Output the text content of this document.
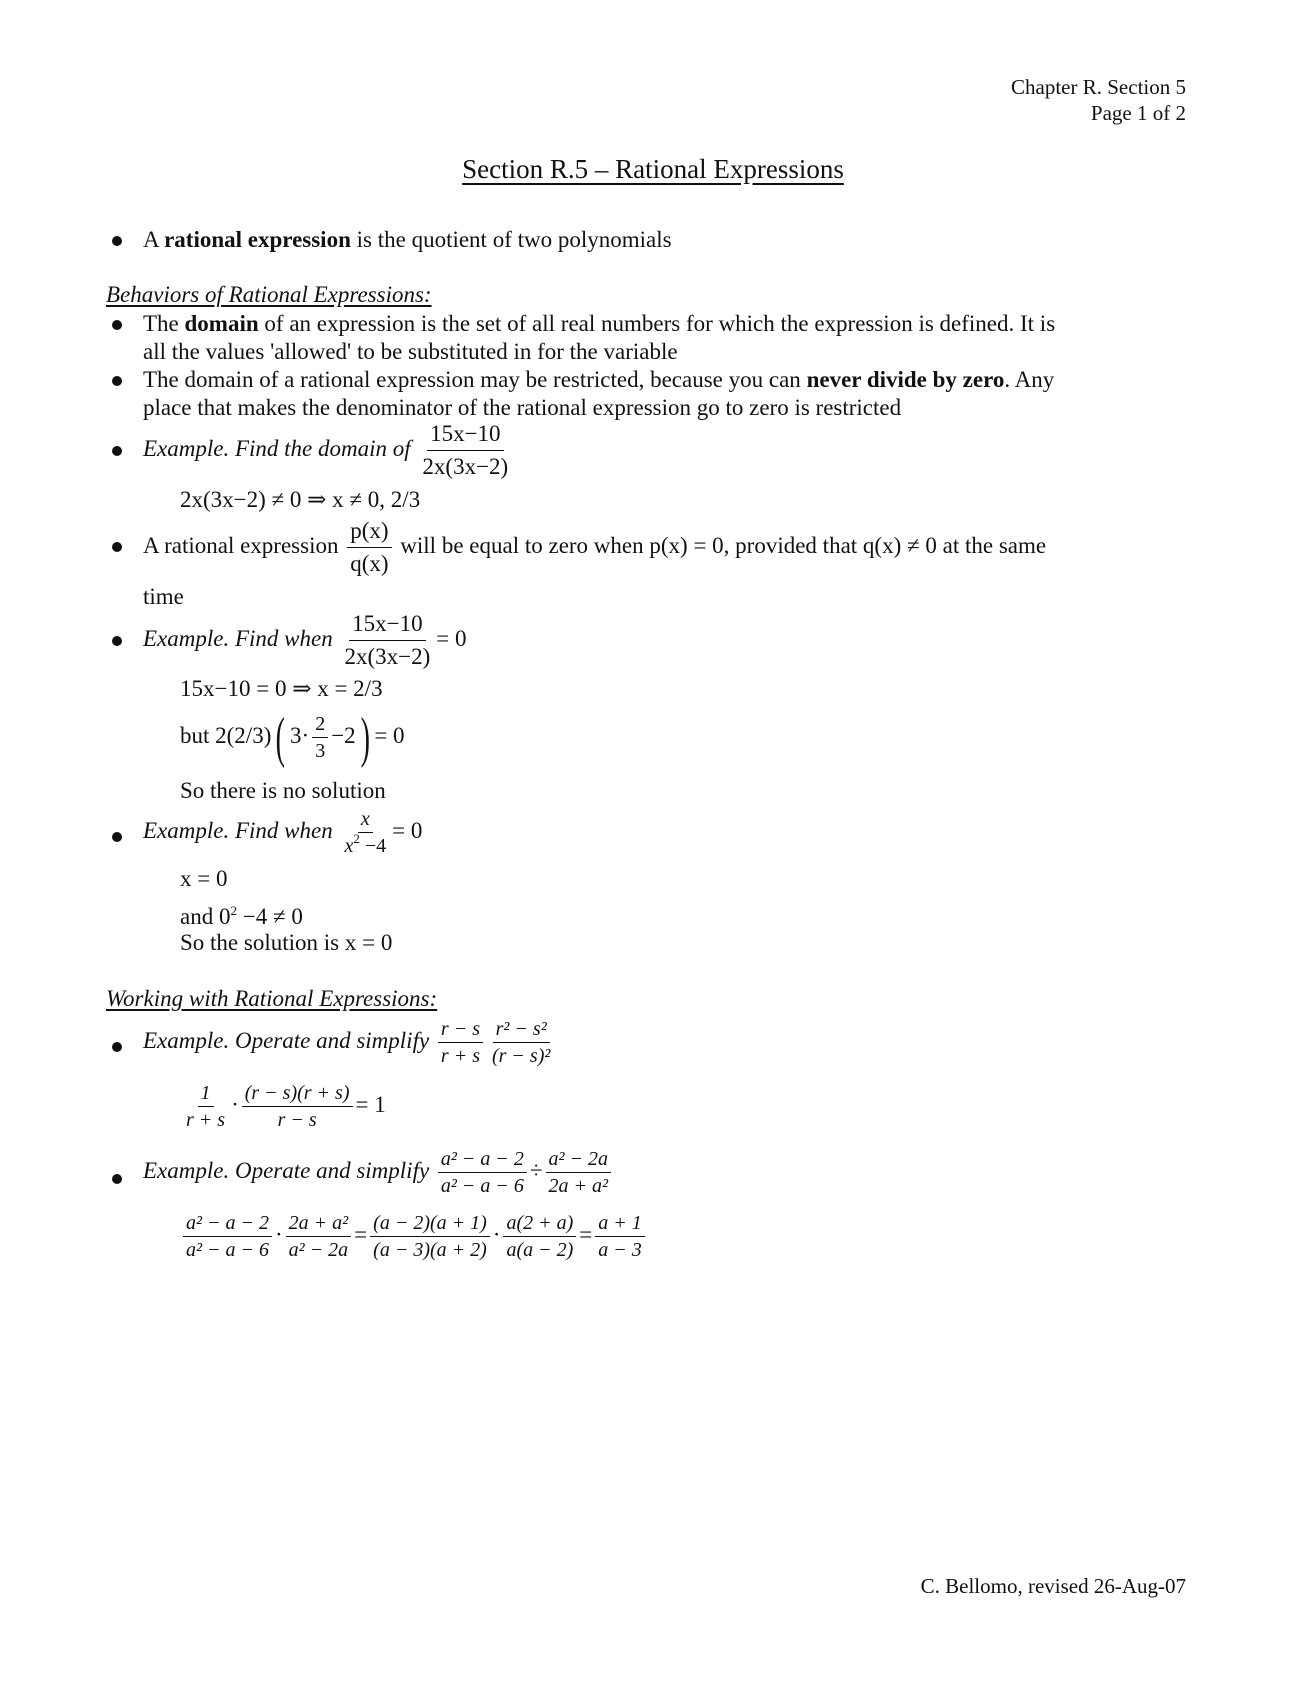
Chapter R. Section 5
Page 1 of 2
Section R.5 – Rational Expressions
A rational expression is the quotient of two polynomials
Behaviors of Rational Expressions:
The domain of an expression is the set of all real numbers for which the expression is defined. It is
all the values 'allowed' to be substituted in for the variable
The domain of a rational expression may be restricted, because you can never divide by zero. Any
place that makes the denominator of the rational expression go to zero is restricted
Example. Find the domain of $\frac{15x-10}{2x(3x-2)}$
2x(3x−2) ≠ 0 ⇒ x ≠ 0, 2/3
A rational expression $\frac{p(x)}{q(x)}$ will be equal to zero when p(x) = 0, provided that q(x) ≠ 0 at the same
time
Example. Find when $\frac{15x-10}{2x(3x-2)} = 0$
15x−10 = 0 ⇒ x = 2/3
but 2(2/3)( $3\cdot \frac{2}{3} -2) = 0$
So there is no solution
Example. Find when $\frac{x}{x^2 -4} = 0$
x = 0
and $0^2 -4 \ne 0$
So the solution is x = 0
Working with Rational Expressions:
Example. Operate and simplify $\frac{r - s}{r + s} \frac{\text{r² − s²}}{\text{(r − s)²}}$
$\frac{1}{r + s} \cdot \frac{(r - s)(r + s)}{r - s} = 1$
Example. Operate and simplify $\frac{\text{a² − a − 2}}{\text{a² − a − 6}} \div \frac{\text{a² − 2a}}{\text{2a + a²}}$
$\frac{\text{a² − a − 2}}{\text{a² − a − 6}} \cdot \frac{\text{2a + a²}}{\text{a² − 2a}} = \frac{(a - 2)(a + 1)}{(a - 3)(a + 2)} \cdot \frac{a(2 + a)}{a(a - 2)} = \frac{a + 1}{a - 3}$
C. Bellomo, revised 26-Aug-07
